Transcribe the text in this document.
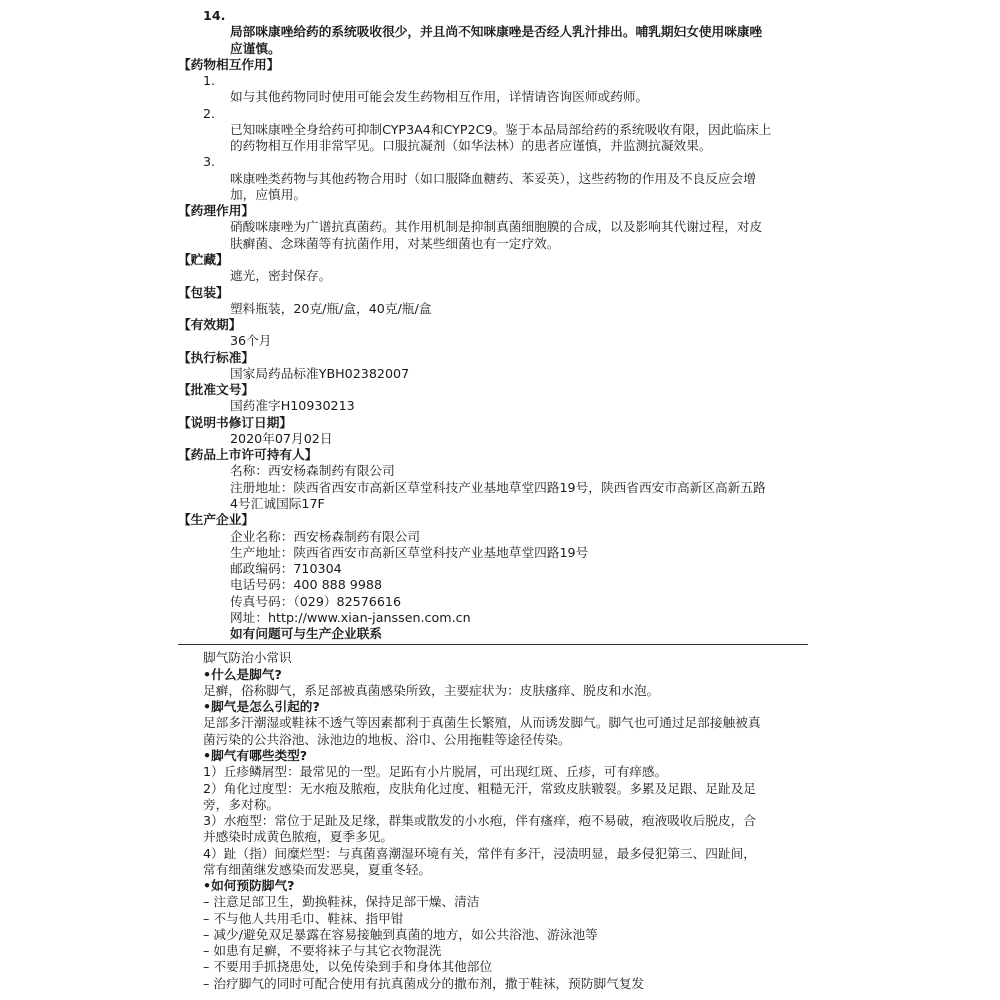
14.
局部咪康唑给药的系统吸收很少，并且尚不知咪康唑是否经人乳汁排出。哺乳期妇女使用咪康唑
应谨慎。
【药物相互作用】
1.
如与其他药物同时使用可能会发生药物相互作用，详情请咨询医师或药师。
2.
已知咪康唑全身给药可抑制CYP3A4和CYP2C9。鉴于本品局部给药的系统吸收有限，因此临床上
的药物相互作用非常罕见。口服抗凝剂（如华法林）的患者应谨慎，并监测抗凝效果。
3.
咪康唑类药物与其他药物合用时（如口服降血糖药、苯妥英），这些药物的作用及不良反应会增
加，应慎用。
【药理作用】
硝酸咪康唑为广谱抗真菌药。其作用机制是抑制真菌细胞膜的合成，以及影响其代谢过程，对皮
肤癣菌、念珠菌等有抗菌作用，对某些细菌也有一定疗效。
【贮藏】
遮光，密封保存。
【包装】
塑料瓶装，20克/瓶/盒，40克/瓶/盒
【有效期】
36个月
【执行标准】
国家局药品标准YBH02382007
【批准文号】
国药准字H10930213
【说明书修订日期】
2020年07月02日
【药品上市许可持有人】
名称：西安杨森制药有限公司
注册地址：陕西省西安市高新区草堂科技产业基地草堂四路19号，陕西省西安市高新区高新五路
4号汇诚国际17F
【生产企业】
企业名称：西安杨森制药有限公司
生产地址：陕西省西安市高新区草堂科技产业基地草堂四路19号
邮政编码：710304
电话号码：400 888 9988
传真号码：（029）82576616
网址：http://www.xian-janssen.com.cn
如有问题可与生产企业联系
脚气防治小常识
•什么是脚气?
足癣，俗称脚气，系足部被真菌感染所致，主要症状为：皮肤瘙痒、脱皮和水泡。
•脚气是怎么引起的?
足部多汗潮湿或鞋袜不透气等因素都利于真菌生长繁殖，从而诱发脚气。脚气也可通过足部接触被真
菌污染的公共浴池、泳池边的地板、浴巾、公用拖鞋等途径传染。
•脚气有哪些类型?
1）丘疹鳞屑型：最常见的一型。足跖有小片脱屑，可出现红斑、丘疹，可有痒感。
2）角化过度型：无水疱及脓疱，皮肤角化过度、粗糙无汗，常致皮肤皲裂。多累及足跟、足趾及足
旁，多对称。
3）水疱型：常位于足趾及足缘，群集或散发的小水疱，伴有瘙痒，疱不易破，疱液吸收后脱皮，合
并感染时成黄色脓疱，夏季多见。
4）趾（指）间糜烂型：与真菌喜潮湿环境有关，常伴有多汗，浸渍明显，最多侵犯第三、四趾间，
常有细菌继发感染而发恶臭，夏重冬轻。
•如何预防脚气?
– 注意足部卫生，勤换鞋袜，保持足部干燥、清洁
– 不与他人共用毛巾、鞋袜、指甲钳
– 减少/避免双足暴露在容易接触到真菌的地方，如公共浴池、游泳池等
– 如患有足癣，不要将袜子与其它衣物混洗
– 不要用手抓挠患处，以免传染到手和身体其他部位
– 治疗脚气的同时可配合使用有抗真菌成分的撒布剂，撒于鞋袜，预防脚气复发
